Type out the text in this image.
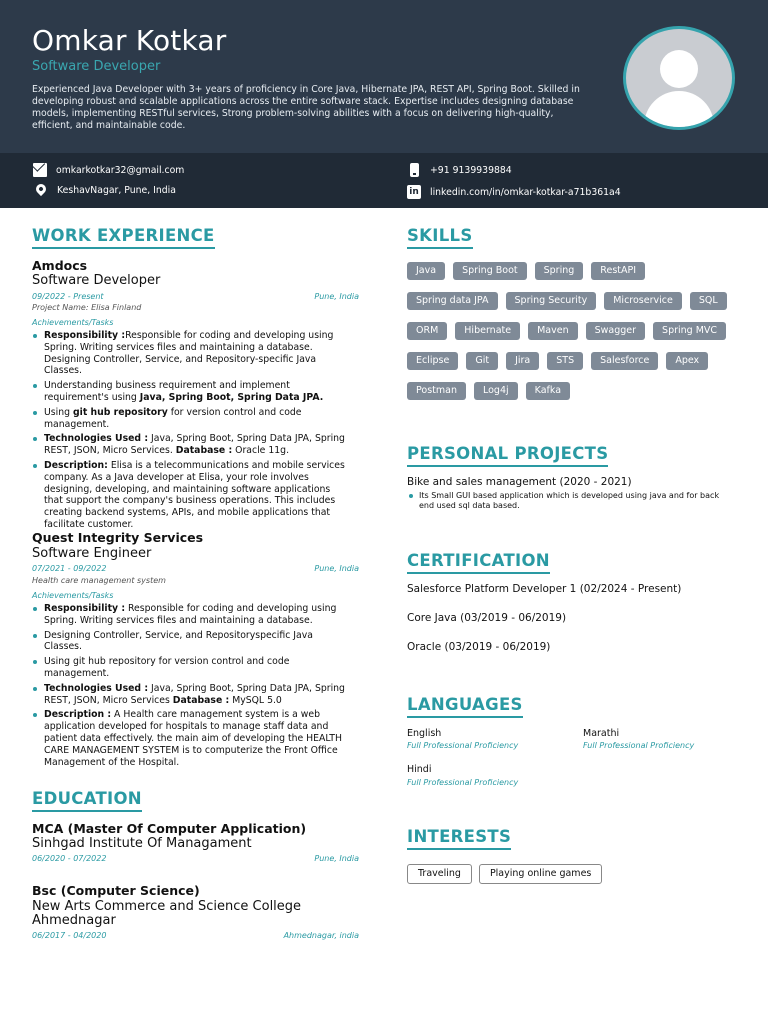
Omkar Kotkar
Software Developer
Experienced Java Developer with 3+ years of proficiency in Core Java, Hibernate JPA, REST API, Spring Boot. Skilled in developing robust and scalable applications across the entire software stack. Expertise includes designing database models, implementing RESTful services, Strong problem-solving abilities with a focus on delivering high-quality, efficient, and maintainable code.
omkarkotkar32@gmail.com	+91 9139939884
KeshavNagar, Pune, India	in linkedin.com/in/omkar-kotkar-a71b361a4
WORK EXPERIENCE
Amdocs
Software Developer
09/2022 - Present	Pune, India
Project Name: Elisa Finland
Achievements/Tasks
Responsibility :Responsible for coding and developing using Spring. Writing services files and maintaining a database. Designing Controller, Service, and Repository-specific Java Classes.
Understanding business requirement and implement requirement's using Java, Spring Boot, Spring Data JPA.
Using git hub repository for version control and code management.
Technologies Used : Java, Spring Boot, Spring Data JPA, Spring REST, JSON, Micro Services. Database : Oracle 11g.
Description: Elisa is a telecommunications and mobile services company. As a Java developer at Elisa, your role involves designing, developing, and maintaining software applications that support the company's business operations. This includes creating backend systems, APIs, and mobile applications that facilitate customer.
Quest Integrity Services
Software Engineer
07/2021 - 09/2022	Pune, India
Health care management system
Achievements/Tasks
Responsibility : Responsible for coding and developing using Spring. Writing services files and maintaining a database.
Designing Controller, Service, and Repositoryspecific Java Classes.
Using git hub repository for version control and code management.
Technologies Used : Java, Spring Boot, Spring Data JPA, Spring REST, JSON, Micro Services Database : MySQL 5.0
Description : A Health care management system is a web application developed for hospitals to manage staff data and patient data effectively. the main aim of developing the HEALTH CARE MANAGEMENT SYSTEM is to computerize the Front Office Management of the Hospital.
EDUCATION
MCA (Master Of Computer Application)
Sinhgad Institute Of Managament
06/2020 - 07/2022	Pune, India
Bsc (Computer Science)
New Arts Commerce and Science College Ahmednagar
06/2017 - 04/2020	Ahmednagar, india
SKILLS
Java	Spring Boot	Spring	RestAPI
Spring data JPA	Spring Security	Microservice	SQL
ORM	Hibernate	Maven	Swagger	Spring MVC
Eclipse	Git	Jira	STS	Salesforce	Apex
Postman	Log4j	Kafka
PERSONAL PROJECTS
Bike and sales management (2020 - 2021)
Its Small GUI based application which is developed using java and for back end used sql data based.
CERTIFICATION
Salesforce Platform Developer 1 (02/2024 - Present)
Core Java (03/2019 - 06/2019)
Oracle (03/2019 - 06/2019)
LANGUAGES
English
Full Professional Proficiency
Marathi
Full Professional Proficiency
Hindi
Full Professional Proficiency
INTERESTS
Traveling	Playing online games
